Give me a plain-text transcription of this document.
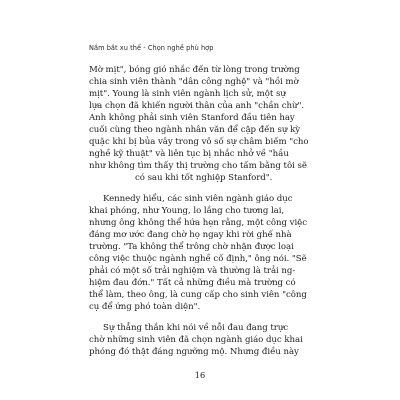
Nắm bắt xu thế - Chọn nghề phù hợp
Mờ mịt", bóng gió nhắc đến từ lòng trong trường
chia sinh viên thành "dân công nghệ" và "hồi mờ
mịt". Young là sinh viên ngành lịch sử, một sự
lựa chọn đã khiến người thân của anh "chần chừ".
Anh không phải sinh viên Stanford đầu tiên hay
cuối cùng theo ngành nhân văn để cập đến sự kỳ
quặc khi bị bủa vây trong vô số sự châm biếm "cho
nghề kỹ thuật" và liên tục bị nhắc nhở về "hầu
như không tìm thấy thị trường cho tấm bằng tôi sẽ
có sau khi tốt nghiệp Stanford".
Kennedy hiểu, các sinh viên ngành giáo dục
khai phóng, như Young, lo lắng cho tương lai,
nhưng ông không thể hứa hẹn rằng, một công việc
đáng mơ ước đang chờ họ ngay khi rời ghế nhà
trường. "Ta không thể trông chờ nhận được loại
công việc thuộc ngành nghề cố định," ông nói. "Sẽ
phải có một số trải nghiệm và thường là trải ng-
hiệm đau đớn." Tất cả những điều mà trường có
thể làm, theo ông, là cung cấp cho sinh viên "công
cụ để ứng phó toàn diện".
Sự thẳng thắn khi nói về nỗi đau đang trực
chờ những sinh viên đã chọn ngành giáo dục khai
phóng đó thật đáng ngưỡng mộ. Nhưng điều này
16
